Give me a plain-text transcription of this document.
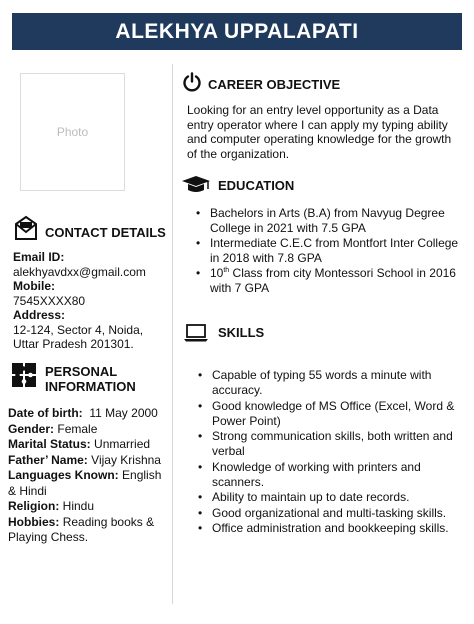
ALEKHYA UPPALAPATI
Photo
CONTACT DETAILS
Email ID:
alekhyavdxx@gmail.com
Mobile:
7545XXXX80
Address:
12-124, Sector 4, Noida,
Uttar Pradesh 201301.
PERSONAL
INFORMATION
Date of birth: 11 May 2000
Gender: Female
Marital Status: Unmarried
Father’ Name: Vijay Krishna
Languages Known: English
& Hindi
Religion: Hindu
Hobbies: Reading books &
Playing Chess.
CAREER OBJECTIVE
Looking for an entry level opportunity as a Data entry operator where I can apply my typing ability and computer operating knowledge for the growth of the organization.
EDUCATION
• Bachelors in Arts (B.A) from Navyug Degree College in 2021 with 7.5 GPA
• Intermediate C.E.C from Montfort Inter College in 2018 with 7.8 GPA
• 10th Class from city Montessori School in 2016 with 7 GPA
SKILLS
• Capable of typing 55 words a minute with accuracy.
• Good knowledge of MS Office (Excel, Word & Power Point)
• Strong communication skills, both written and verbal
• Knowledge of working with printers and scanners.
• Ability to maintain up to date records.
• Good organizational and multi-tasking skills.
• Office administration and bookkeeping skills.
